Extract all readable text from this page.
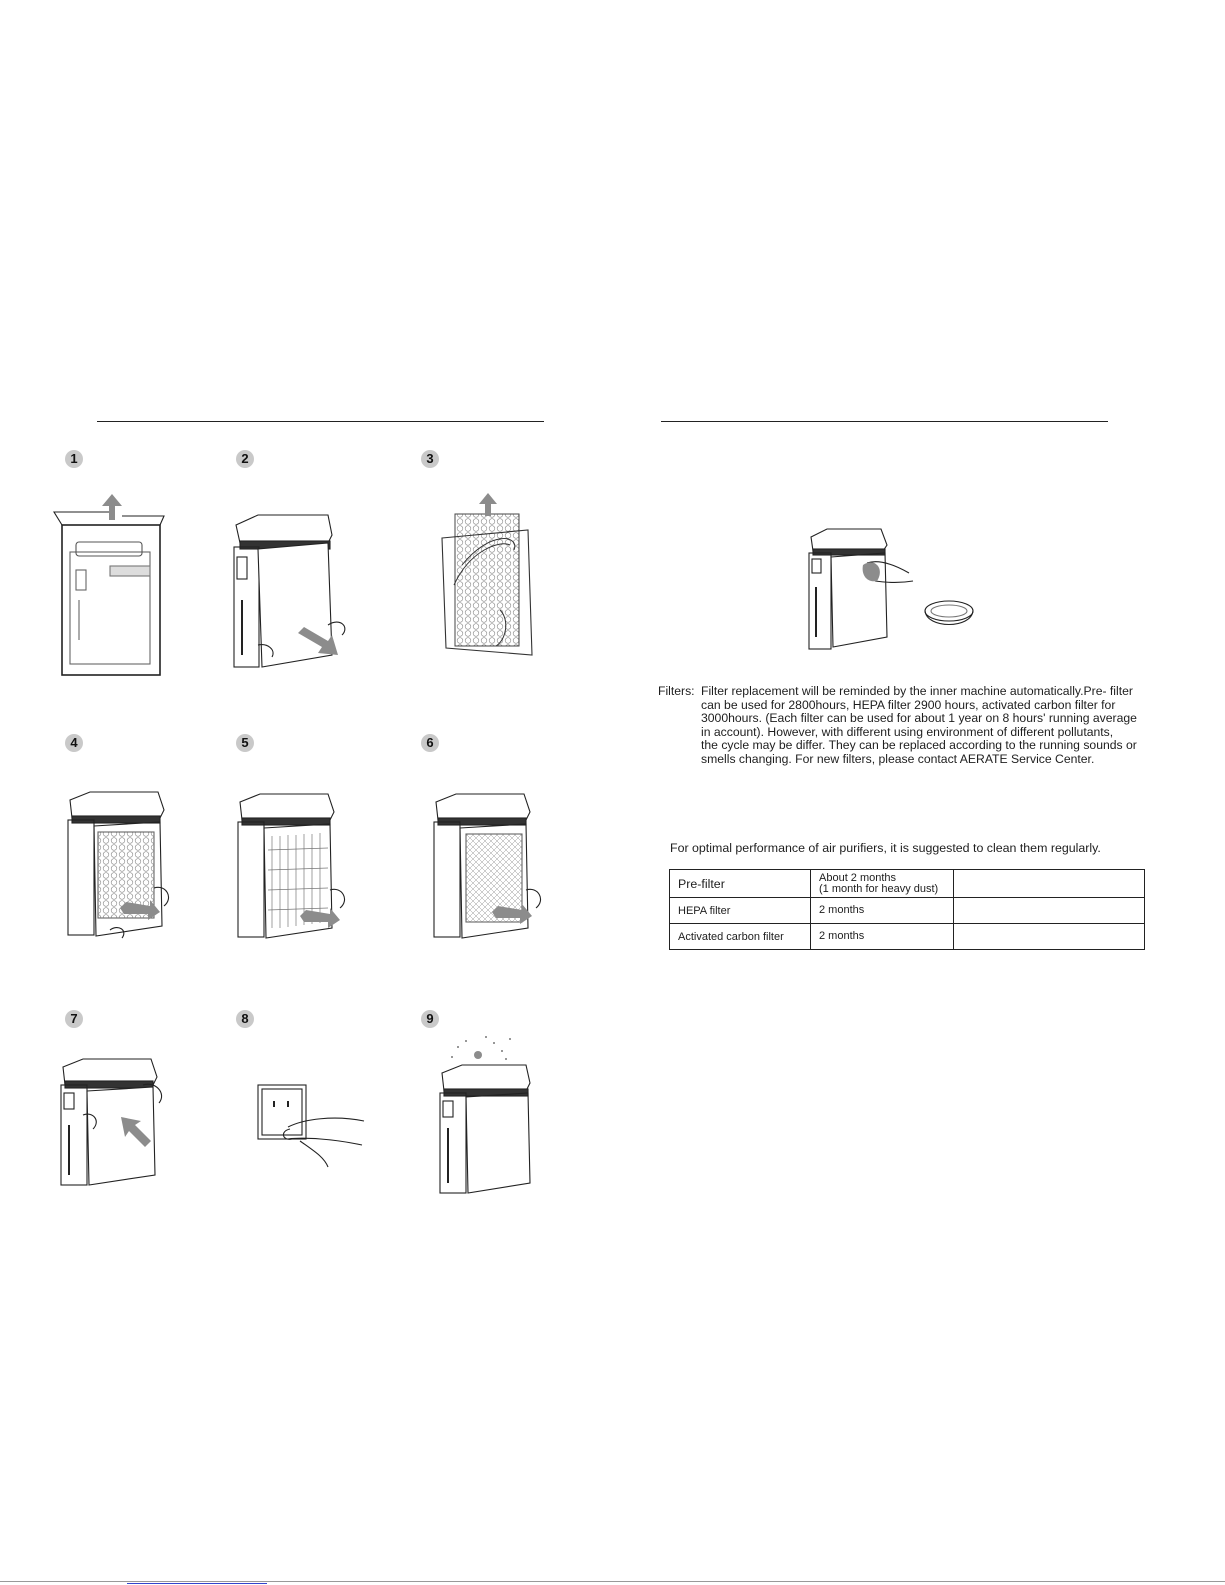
1	2	3
4	5	6
7	8	9
Filters: Filter replacement will be reminded by the inner machine automatically.Pre- filter
can be used for 2800hours, HEPA filter 2900 hours, activated carbon filter for
3000hours. (Each filter can be used for about 1 year on 8 hours' running average
in account). However, with different using environment of different pollutants,
the cycle may be differ. They can be replaced according to the running sounds or
smells changing. For new filters, please contact AERATE Service Center.
For optimal performance of air purifiers, it is suggested to clean them regularly.
Pre-filter	About 2 months
(1 month for heavy dust)	

HEPA filter	2 months	
Activated carbon filter	2 months	
